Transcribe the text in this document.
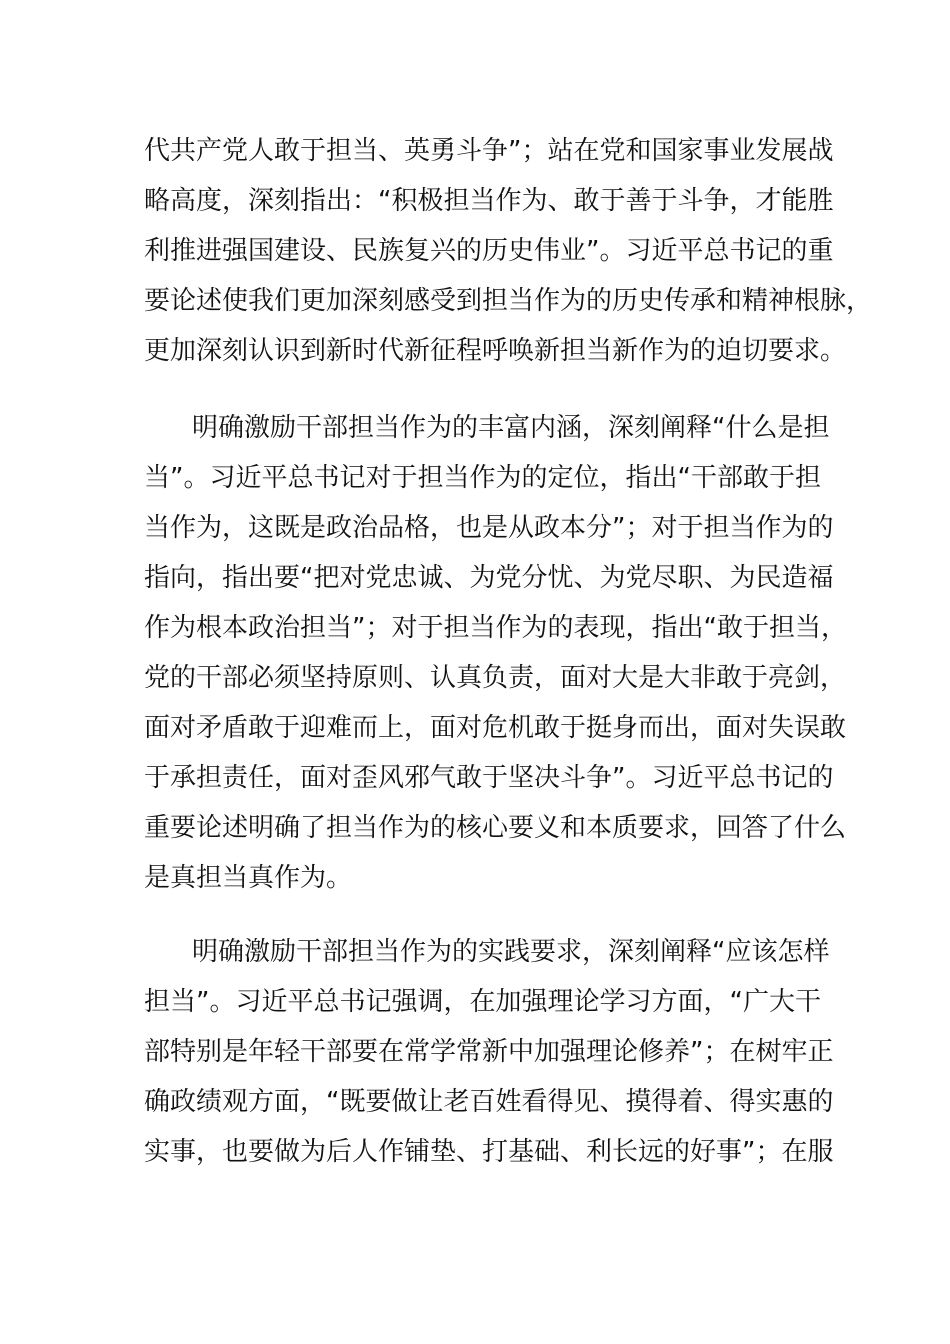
代共产党人敢于担当、英勇斗争”；站在党和国家事业发展战
略高度，深刻指出：“积极担当作为、敢于善于斗争，才能胜
利推进强国建设、民族复兴的历史伟业”。习近平总书记的重
要论述使我们更加深刻感受到担当作为的历史传承和精神根脉，
更加深刻认识到新时代新征程呼唤新担当新作为的迫切要求。
明确激励干部担当作为的丰富内涵，深刻阐释“什么是担
当”。习近平总书记对于担当作为的定位，指出“干部敢于担
当作为，这既是政治品格，也是从政本分”；对于担当作为的
指向，指出要“把对党忠诚、为党分忧、为党尽职、为民造福
作为根本政治担当”；对于担当作为的表现，指出“敢于担当，
党的干部必须坚持原则、认真负责，面对大是大非敢于亮剑，
面对矛盾敢于迎难而上，面对危机敢于挺身而出，面对失误敢
于承担责任，面对歪风邪气敢于坚决斗争”。习近平总书记的
重要论述明确了担当作为的核心要义和本质要求，回答了什么
是真担当真作为。
明确激励干部担当作为的实践要求，深刻阐释“应该怎样
担当”。习近平总书记强调，在加强理论学习方面，“广大干
部特别是年轻干部要在常学常新中加强理论修养”；在树牢正
确政绩观方面，“既要做让老百姓看得见、摸得着、得实惠的
实事，也要做为后人作铺垫、打基础、利长远的好事”；在服
